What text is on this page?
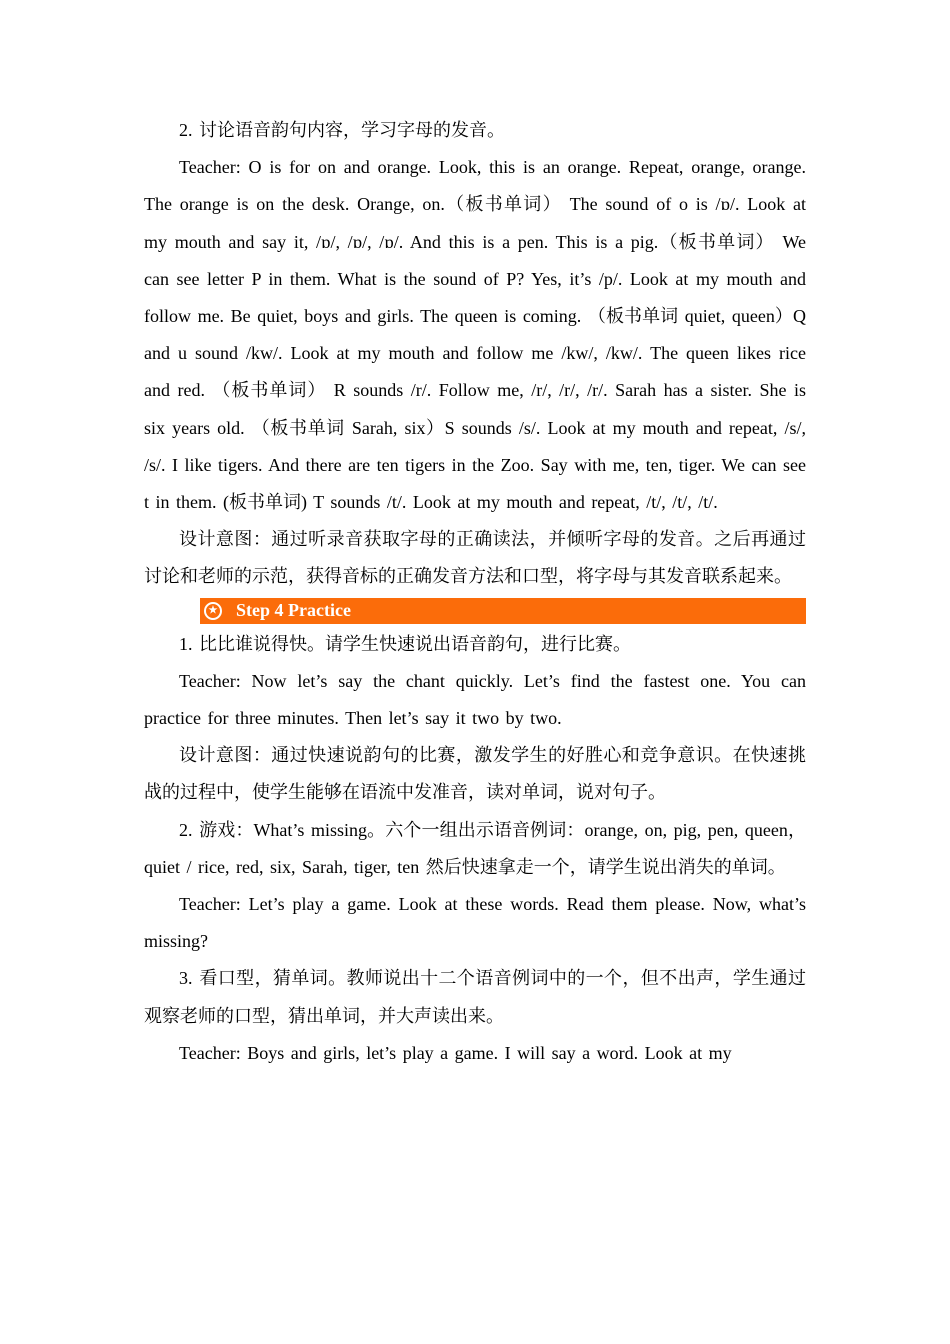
2. 讨论语音韵句内容，学习字母的发音。

Teacher: O is for on and orange. Look, this is an orange. Repeat, orange, orange. The orange is on the desk. Orange, on.（板书单词） The sound of o is /ɒ/. Look at my mouth and say it, /ɒ/, /ɒ/, /ɒ/. And this is a pen. This is a pig.（板书单词） We can see letter P in them. What is the sound of P? Yes, it’s /p/. Look at my mouth and follow me. Be quiet, boys and girls. The queen is coming. （板书单词 quiet, queen）Q and u sound /kw/. Look at my mouth and follow me /kw/, /kw/. The queen likes rice and red. （板书单词） R sounds /r/. Follow me, /r/, /r/, /r/. Sarah has a sister. She is six years old. （板书单词 Sarah, six）S sounds /s/. Look at my mouth and repeat, /s/, /s/. I like tigers. And there are ten tigers in the Zoo. Say with me, ten, tiger. We can see t in them. (板书单词) T sounds /t/. Look at my mouth and repeat, /t/, /t/, /t/.

设计意图：通过听录音获取字母的正确读法，并倾听字母的发音。之后再通过讨论和老师的示范，获得音标的正确发音方法和口型，将字母与其发音联系起来。

★ Step 4 Practice

1. 比比谁说得快。请学生快速说出语音韵句，进行比赛。

Teacher: Now let’s say the chant quickly. Let’s find the fastest one. You can practice for three minutes. Then let’s say it two by two.

设计意图：通过快速说韵句的比赛，激发学生的好胜心和竞争意识。在快速挑战的过程中，使学生能够在语流中发准音，读对单词，说对句子。

2. 游戏：What’s missing。六个一组出示语音例词：orange, on, pig, pen, queen，quiet / rice, red, six, Sarah, tiger, ten 然后快速拿走一个，请学生说出消失的单词。

Teacher: Let’s play a game. Look at these words. Read them please. Now, what’s missing?

3. 看口型，猜单词。教师说出十二个语音例词中的一个，但不出声，学生通过观察老师的口型，猜出单词，并大声读出来。

Teacher: Boys and girls, let’s play a game. I will say a word. Look at my
